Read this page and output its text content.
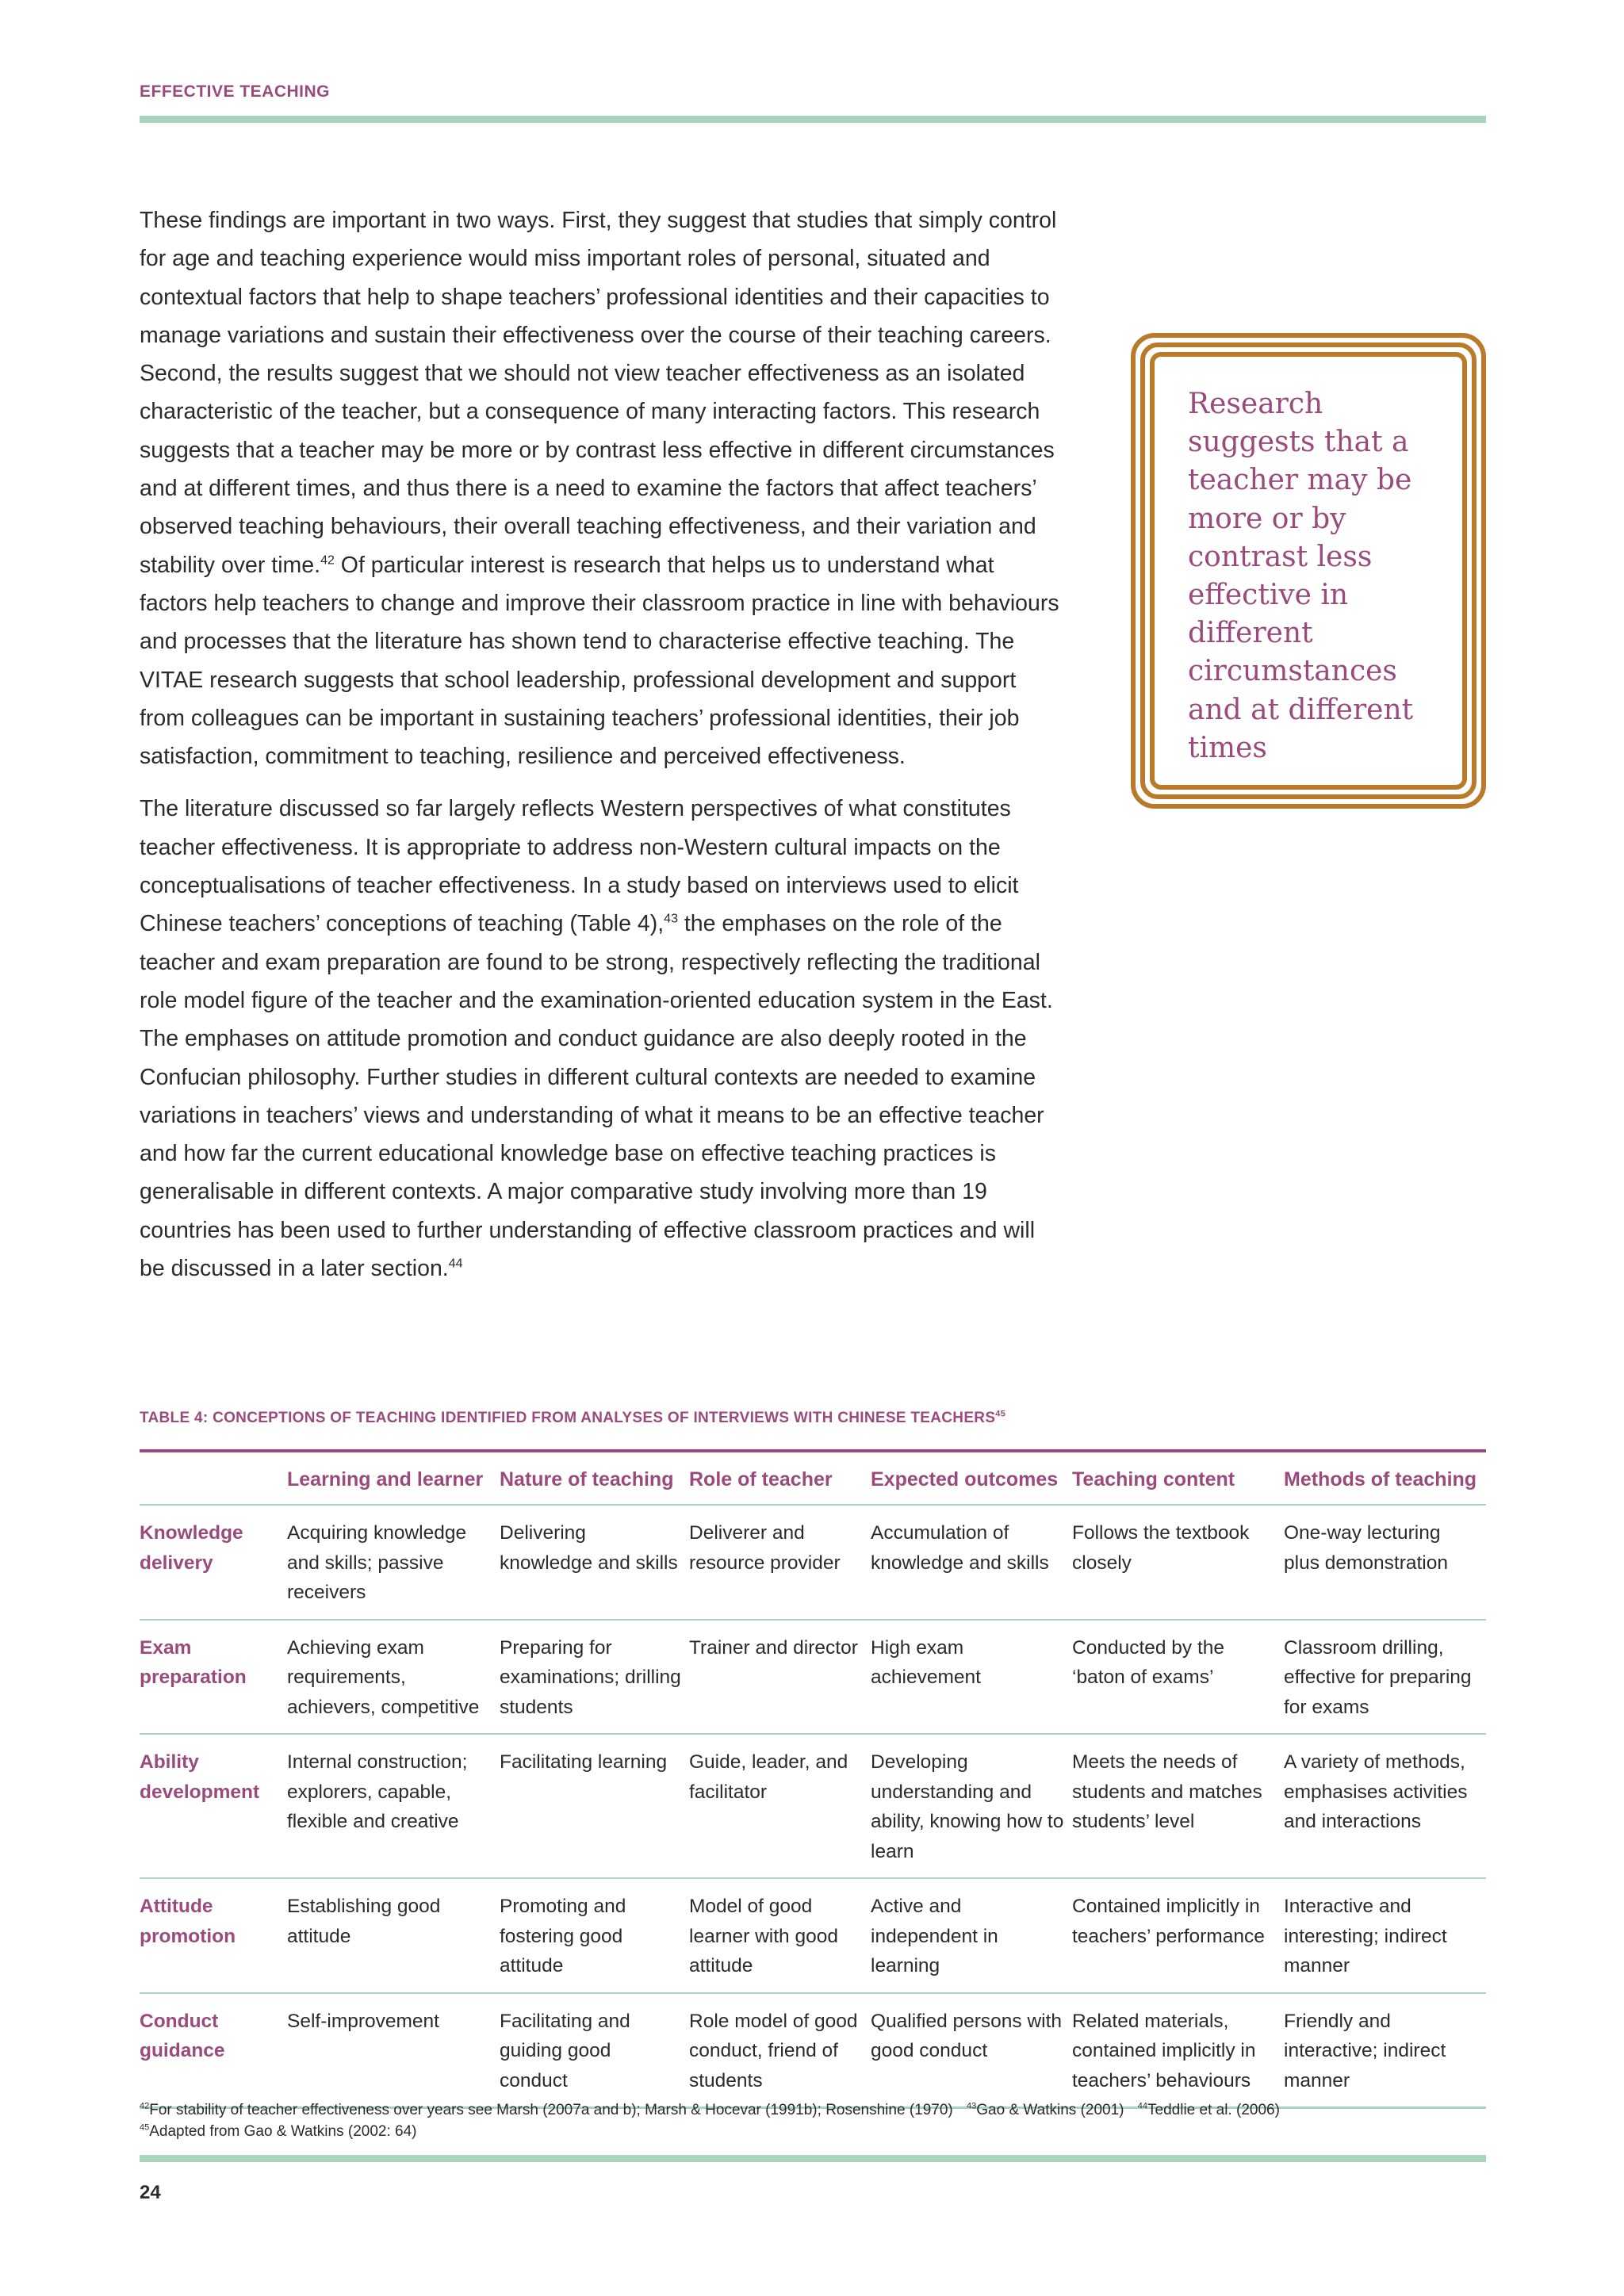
EFFECTIVE TEACHING

These findings are important in two ways. First, they suggest that studies that simply control for age and teaching experience would miss important roles of personal, situated and contextual factors that help to shape teachers’ professional identities and their capacities to manage variations and sustain their effectiveness over the course of their teaching careers. Second, the results suggest that we should not view teacher effectiveness as an isolated characteristic of the teacher, but a consequence of many interacting factors. This research suggests that a teacher may be more or by contrast less effective in different circumstances and at different times, and thus there is a need to examine the factors that affect teachers’ observed teaching behaviours, their overall teaching effectiveness, and their variation and stability over time.$^{42}$ Of particular interest is research that helps us to understand what factors help teachers to change and improve their classroom practice in line with behaviours and processes that the literature has shown tend to characterise effective teaching. The VITAE research suggests that school leadership, professional development and support from colleagues can be important in sustaining teachers’ professional identities, their job satisfaction, commitment to teaching, resilience and perceived effectiveness.

The literature discussed so far largely reflects Western perspectives of what constitutes teacher effectiveness. It is appropriate to address non-Western cultural impacts on the conceptualisations of teacher effectiveness. In a study based on interviews used to elicit Chinese teachers’ conceptions of teaching (Table 4),$^{43}$ the emphases on the role of the teacher and exam preparation are found to be strong, respectively reflecting the traditional role model figure of the teacher and the examination-oriented education system in the East. The emphases on attitude promotion and conduct guidance are also deeply rooted in the Confucian philosophy. Further studies in different cultural contexts are needed to examine variations in teachers’ views and understanding of what it means to be an effective teacher and how far the current educational knowledge base on effective teaching practices is generalisable in different contexts. A major comparative study involving more than 19 countries has been used to further understanding of effective classroom practices and will be discussed in a later section.$^{44}$

Research suggests that a teacher may be more or by contrast less effective in different circumstances and at different times
TABLE 4: CONCEPTIONS OF TEACHING IDENTIFIED FROM ANALYSES OF INTERVIEWS WITH CHINESE TEACHERS$^{45}$
	Learning and learner	Nature of teaching	Role of teacher	Expected outcomes	Teaching content	Methods of teaching
Knowledge delivery	Acquiring knowledge and skills; passive receivers	Delivering knowledge and skills	Deliverer and resource provider	Accumulation of knowledge and skills	Follows the textbook closely	One-way lecturing plus demonstration
Exam preparation	Achieving exam requirements, achievers, competitive	Preparing for examinations; drilling students	Trainer and director	High exam achievement	Conducted by the ‘baton of exams’	Classroom drilling, effective for preparing for exams
Ability development	Internal construction; explorers, capable, flexible and creative	Facilitating learning	Guide, leader, and facilitator	Developing understanding and ability, knowing how to learn	Meets the needs of students and matches students’ level	A variety of methods, emphasises activities and interactions
Attitude promotion	Establishing good attitude	Promoting and fostering good attitude	Model of good learner with good attitude	Active and independent in learning	Contained implicitly in teachers’ performance	Interactive and interesting; indirect manner
Conduct guidance	Self-improvement	Facilitating and guiding good conduct	Role model of good conduct, friend of students	Qualified persons with good conduct	Related materials, contained implicitly in teachers’ behaviours	Friendly and interactive; indirect manner
$^{42}$For stability of teacher effectiveness over years see Marsh (2007a and b); Marsh & Hocevar (1991b); Rosenshine (1970) $^{43}$Gao & Watkins (2001) $^{44}$Teddlie et al. (2006)
$^{45}$Adapted from Gao & Watkins (2002: 64)
24
